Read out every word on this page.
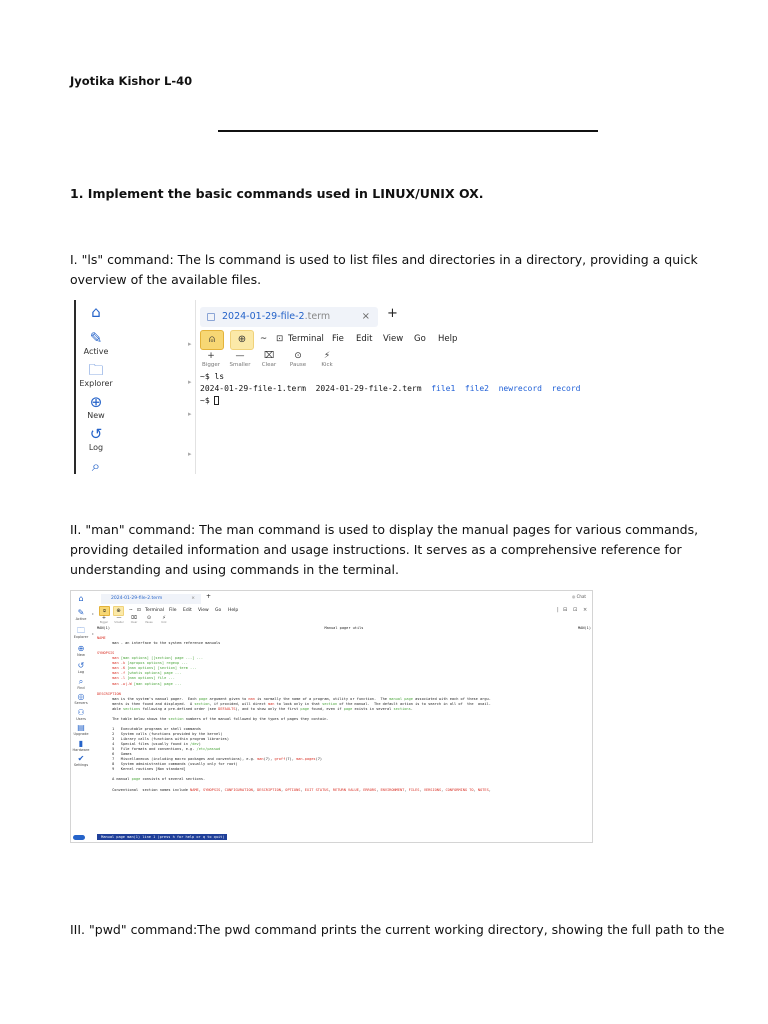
Jyotika Kishor L-40
1. Implement the basic commands used in LINUX/UNIX OX.
I. "ls" command: The ls command is used to list files and directories in a directory, providing a quick overview of the available files.
II. "man" command: The man command is used to display the manual pages for various commands, providing detailed information and usage instructions. It serves as a comprehensive reference for understanding and using commands in the terminal.
III. "pwd" command:The pwd command prints the current working directory, showing the full path to the
⌂
✎
Active
🗀
Explorer
⊕
New
↺
Log
⌕
▸
▸
▸
▸
2024-01-29-file-2.term	× +
⍝	⊕	~ ⊡ Terminal Fie Edit View Go Help
+
Bigger
—
Smaller
⌧
Clear
⊙
Pause
⚡
Kick
~$ ls
2024-01-29-file-1.term  2024-01-29-file-2.term  file1  file2  newrecord  record
~$
⌂
✎
Active
🗀
Explorer
⊕
New
↺
Log
⌕
Find
◎
Servers
⚇
Users
▤
Upgrade
▮
Hardware
✔
Settings
▸
▸
2024-01-29-file-2.term	× +	◎ Chat
⍝	⊕	~ ⊡ Terminal File Edit View Go Help	| ⊟ ⊡ ×
+
Bigger
—
Smaller
⌧
Clear
⊙
Pause
⚡
Kick
MAN(1)	Manual pager utils	MAN(1)
NAME
man - an interface to the system reference manuals
SYNOPSIS
man [man options] [[section] page ...] ...
man -k [apropos options] regexp ...
man -K [man options] [section] term ...
man -f [whatis options] page ...
man -l [man options] file ...
man -w|-W [man options] page ...
DESCRIPTION
man is the system's manual pager.  Each page argument given to man is normally the name of a program, utility or function.  The manual page associated with each of these argu-
ments is then found and displayed.  A section, if provided, will direct man to look only in that section of the manual.  The default action is to search in all of  the  avail-
able sections following a pre-defined order (see DEFAULTS), and to show only the first page found, even if page exists in several sections.
The table below shows the section numbers of the manual followed by the types of pages they contain.
1   Executable programs or shell commands
2   System calls (functions provided by the kernel)
3   Library calls (functions within program libraries)
4   Special files (usually found in /dev)
5   File formats and conventions, e.g. /etc/passwd
6   Games
7   Miscellaneous (including macro packages and conventions), e.g. man(7), groff(7), man-pages(7)
8   System administration commands (usually only for root)
9   Kernel routines [Non standard]
A manual page consists of several sections.
Conventional  section names include NAME, SYNOPSIS, CONFIGURATION, DESCRIPTION, OPTIONS, EXIT STATUS, RETURN VALUE, ERRORS, ENVIRONMENT, FILES, VERSIONS, CONFORMING TO, NOTES,
Manual page man(1) line 1 (press h for help or q to quit)
